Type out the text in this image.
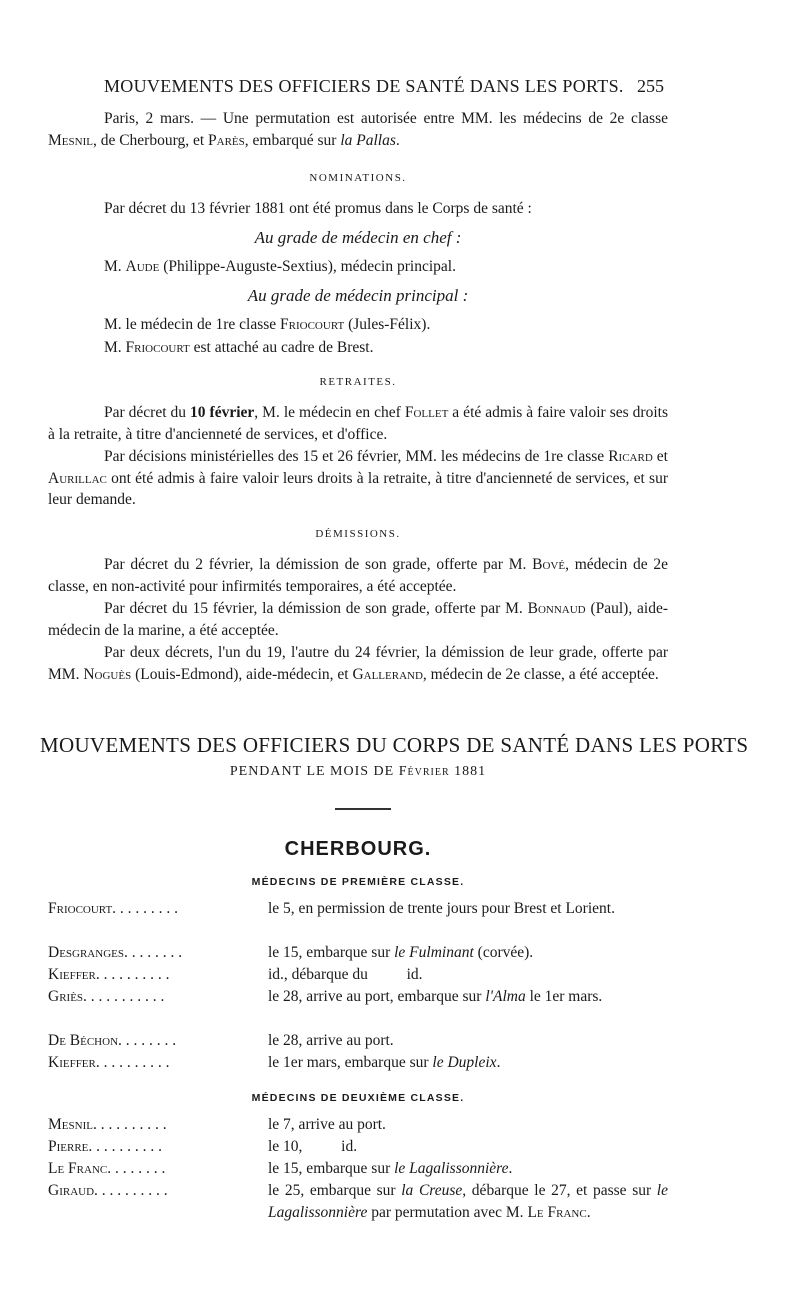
MOUVEMENTS DES OFFICIERS DE SANTÉ DANS LES PORTS. 255
Paris, 2 mars. — Une permutation est autorisée entre MM. les médecins de 2e classe Mesnil, de Cherbourg, et Parès, embarqué sur la Pallas.
NOMINATIONS.
Par décret du 13 février 1881 ont été promus dans le Corps de santé :
Au grade de médecin en chef :
M. Aude (Philippe-Auguste-Sextius), médecin principal.
Au grade de médecin principal :
M. le médecin de 1re classe Friocourt (Jules-Félix).
M. Friocourt est attaché au cadre de Brest.
RETRAITES.
Par décret du 10 février, M. le médecin en chef Follet a été admis à faire valoir ses droits à la retraite, à titre d'ancienneté de services, et d'office.
Par décisions ministérielles des 15 et 26 février, MM. les médecins de 1re classe Ricard et Aurillac ont été admis à faire valoir leurs droits à la retraite, à titre d'ancienneté de services, et sur leur demande.
DÉMISSIONS.
Par décret du 2 février, la démission de son grade, offerte par M. Bové, médecin de 2e classe, en non-activité pour infirmités temporaires, a été acceptée.
Par décret du 15 février, la démission de son grade, offerte par M. Bonnaud (Paul), aide-médecin de la marine, a été acceptée.
Par deux décrets, l'un du 19, l'autre du 24 février, la démission de leur grade, offerte par MM. Noguès (Louis-Edmond), aide-médecin, et Gallerand, médecin de 2e classe, a été acceptée.
MOUVEMENTS DES OFFICIERS DU CORPS DE SANTÉ DANS LES PORTS
PENDANT LE MOIS DE Février 1881
CHERBOURG.
MÉDECINS DE PREMIÈRE CLASSE.
Friocourt. . . . . . . . .	le 5, en permission de trente jours pour Brest et Lorient.
Desgranges. . . . . . . .	le 15, embarque sur le Fulminant (corvée).
Kieffer. . . . . . . . . .	id., débarque du          id.
Griès. . . . . . . . . . .	le 28, arrive au port, embarque sur l'Alma le 1er mars.
De Béchon. . . . . . . .	le 28, arrive au port.
Kieffer. . . . . . . . . .	le 1er mars, embarque sur le Dupleix.
MÉDECINS DE DEUXIÈME CLASSE.
Mesnil. . . . . . . . . .	le 7, arrive au port.
Pierre. . . . . . . . . .	le 10,          id.
Le Franc. . . . . . . .	le 15, embarque sur le Lagalissonnière.
Giraud. . . . . . . . . .	le 25, embarque sur la Creuse, débarque le 27, et passe sur le Lagalissonnière par permutation avec M. Le Franc.
